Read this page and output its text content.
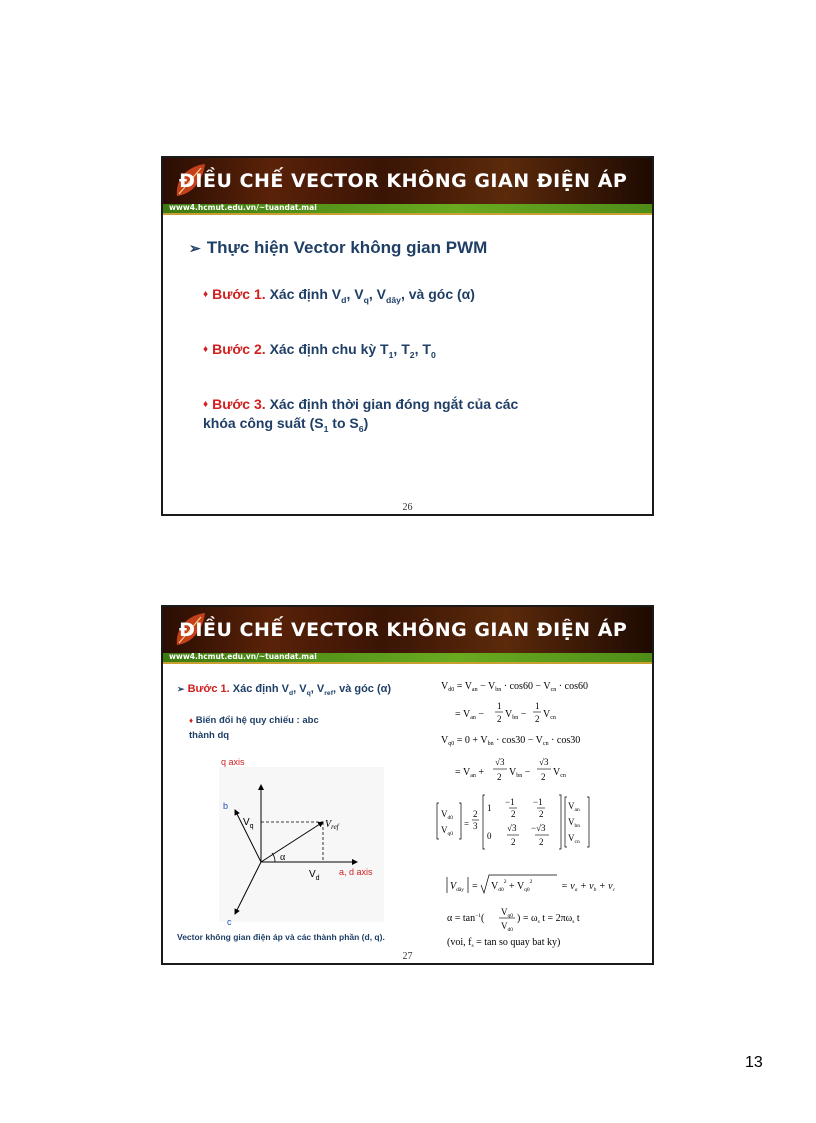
ĐIỀU CHẾ VECTOR KHÔNG GIAN ĐIỆN ÁP
www4.hcmut.edu.vn/~tuandat.mai
➢ Thực hiện Vector không gian PWM
♦ Bước 1. Xác định $V_d$, $V_q$, $V_{dây}$, và góc (α)
♦ Bước 2. Xác định chu kỳ $T_1$, $T_2$, $T_0$
♦ Bước 3. Xác định thời gian đóng ngắt của các
khóa công suất ($S_1$ to $S_6$)
26
ĐIỀU CHẾ VECTOR KHÔNG GIAN ĐIỆN ÁP
www4.hcmut.edu.vn/~tuandat.mai
➢ Bước 1. Xác định $V_d$, $V_q$, $V_{ref}$, và góc (α)
♦ Biến đổi hệ quy chiếu : abc
thành dq
q axis
a, d axis
b
c
$V_q$
$V_d$
$V_{ref}$
α
Vector không gian điện áp và các thành phần (d, q).
$V_{d0} = V_{an} - V_{bn} \cdot \cos 60 - V_{cn} \cdot \cos 60$
= $V_{an}$ −
1
2 $V_{bn}$ −
1
2 $V_{cn}$
$V_{q0} = 0 + V_{bn} \cdot \cos 30 - V_{cn} \cdot \cos 30$
= $V_{an}$ +
√3
2 $V_{bn}$ −
√3
2 $V_{cn}$
$V_{d0}$
$V_{q0}$
=
2
3
1
−1
2
−1
2
0
√3
2
−√3
2
$V_{an}$
$V_{bn}$
$V_{cn}$
$V_{dây} = V_{d0}^2 + V_{q0}^2$	= $v_a + v_b + v_c$
$\alpha = \tan^{-1}$(
$V_{q0}$
$V_{d0}$
) = $\omega_s$ $t = 2\pi\omega_s$ t
(voi, $f_s = \tan$ so quay bat ky)
27
13
